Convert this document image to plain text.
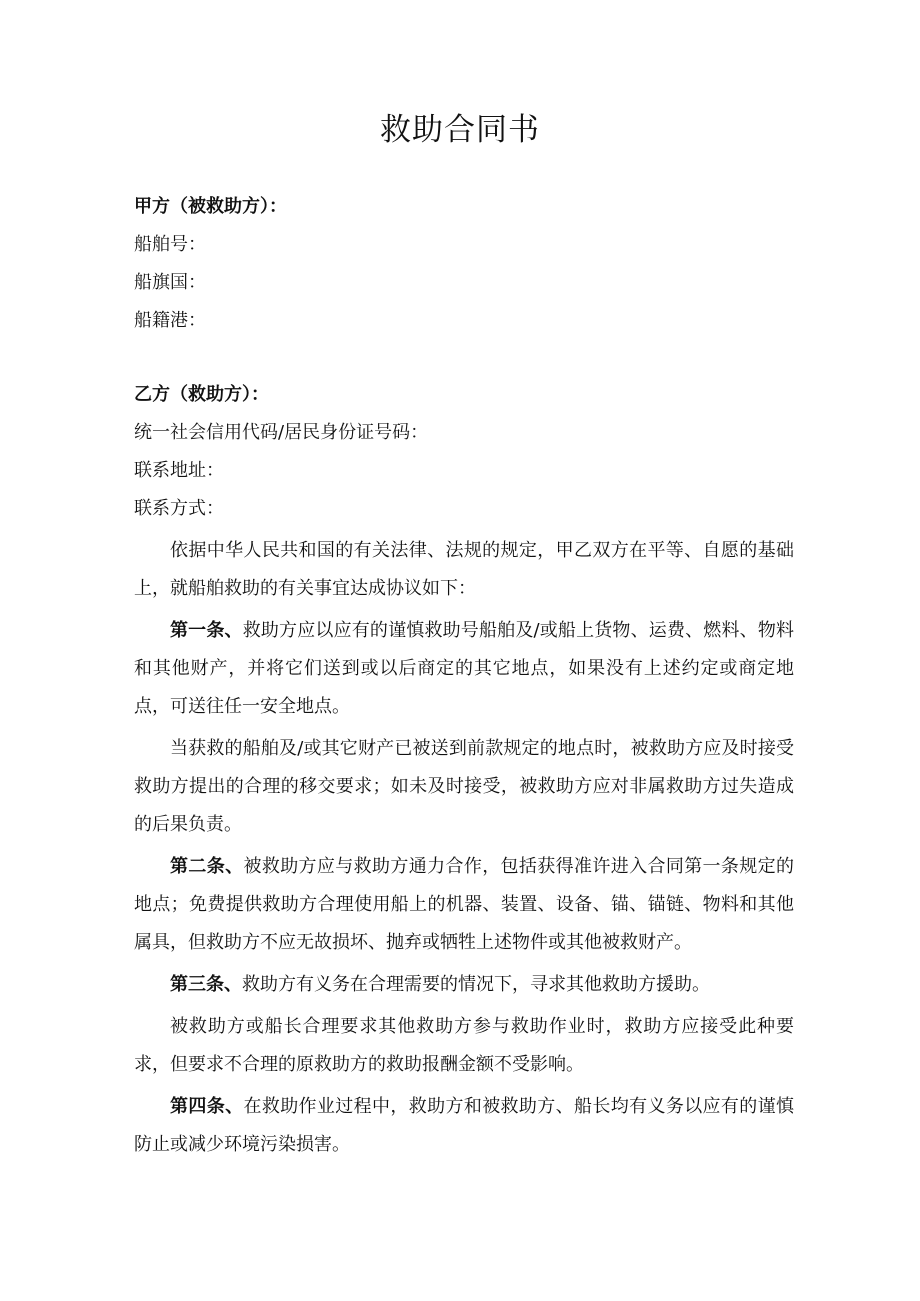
救助合同书
甲方（被救助方）：
船舶号：
船旗国：
船籍港：
乙方（救助方）：
统一社会信用代码/居民身份证号码：
联系地址：
联系方式：

依据中华人民共和国的有关法律、法规的规定，甲乙双方在平等、自愿的基础上，就船舶救助的有关事宜达成协议如下：

第一条、救助方应以应有的谨慎救助号船舶及/或船上货物、运费、燃料、物料和其他财产，并将它们送到或以后商定的其它地点，如果没有上述约定或商定地点，可送往任一安全地点。

当获救的船舶及/或其它财产已被送到前款规定的地点时，被救助方应及时接受救助方提出的合理的移交要求；如未及时接受，被救助方应对非属救助方过失造成的后果负责。

第二条、被救助方应与救助方通力合作，包括获得准许进入合同第一条规定的地点；免费提供救助方合理使用船上的机器、装置、设备、锚、锚链、物料和其他属具，但救助方不应无故损坏、抛弃或牺牲上述物件或其他被救财产。

第三条、救助方有义务在合理需要的情况下，寻求其他救助方援助。

被救助方或船长合理要求其他救助方参与救助作业时，救助方应接受此种要求，但要求不合理的原救助方的救助报酬金额不受影响。

第四条、在救助作业过程中，救助方和被救助方、船长均有义务以应有的谨慎防止或减少环境污染损害。
